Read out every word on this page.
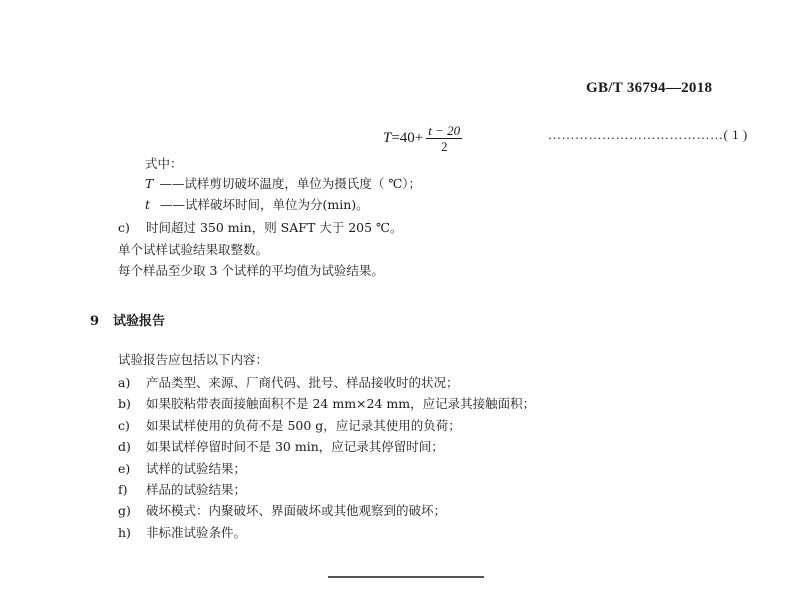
GB/T 36794—2018
$T =40+ \frac{t - 20}{2}$	…………………………………( 1 )
式中：
T ——试样剪切破坏温度，单位为摄氏度（ ℃）；
t ——试样破坏时间，单位为分(min)。
c) 时间超过 350 min，则 SAFT 大于 205 ℃。
单个试样试验结果取整数。
每个样品至少取 3 个试样的平均值为试验结果。
9 试验报告
试验报告应包括以下内容：
a) 产品类型、来源、厂商代码、批号、样品接收时的状况；
b) 如果胶粘带表面接触面积不是 24 mm×24 mm，应记录其接触面积；
c) 如果试样使用的负荷不是 500 g，应记录其使用的负荷；
d) 如果试样停留时间不是 30 min，应记录其停留时间；
e) 试样的试验结果；
f) 样品的试验结果；
g) 破坏模式：内聚破坏、界面破坏或其他观察到的破坏；
h) 非标准试验条件。
